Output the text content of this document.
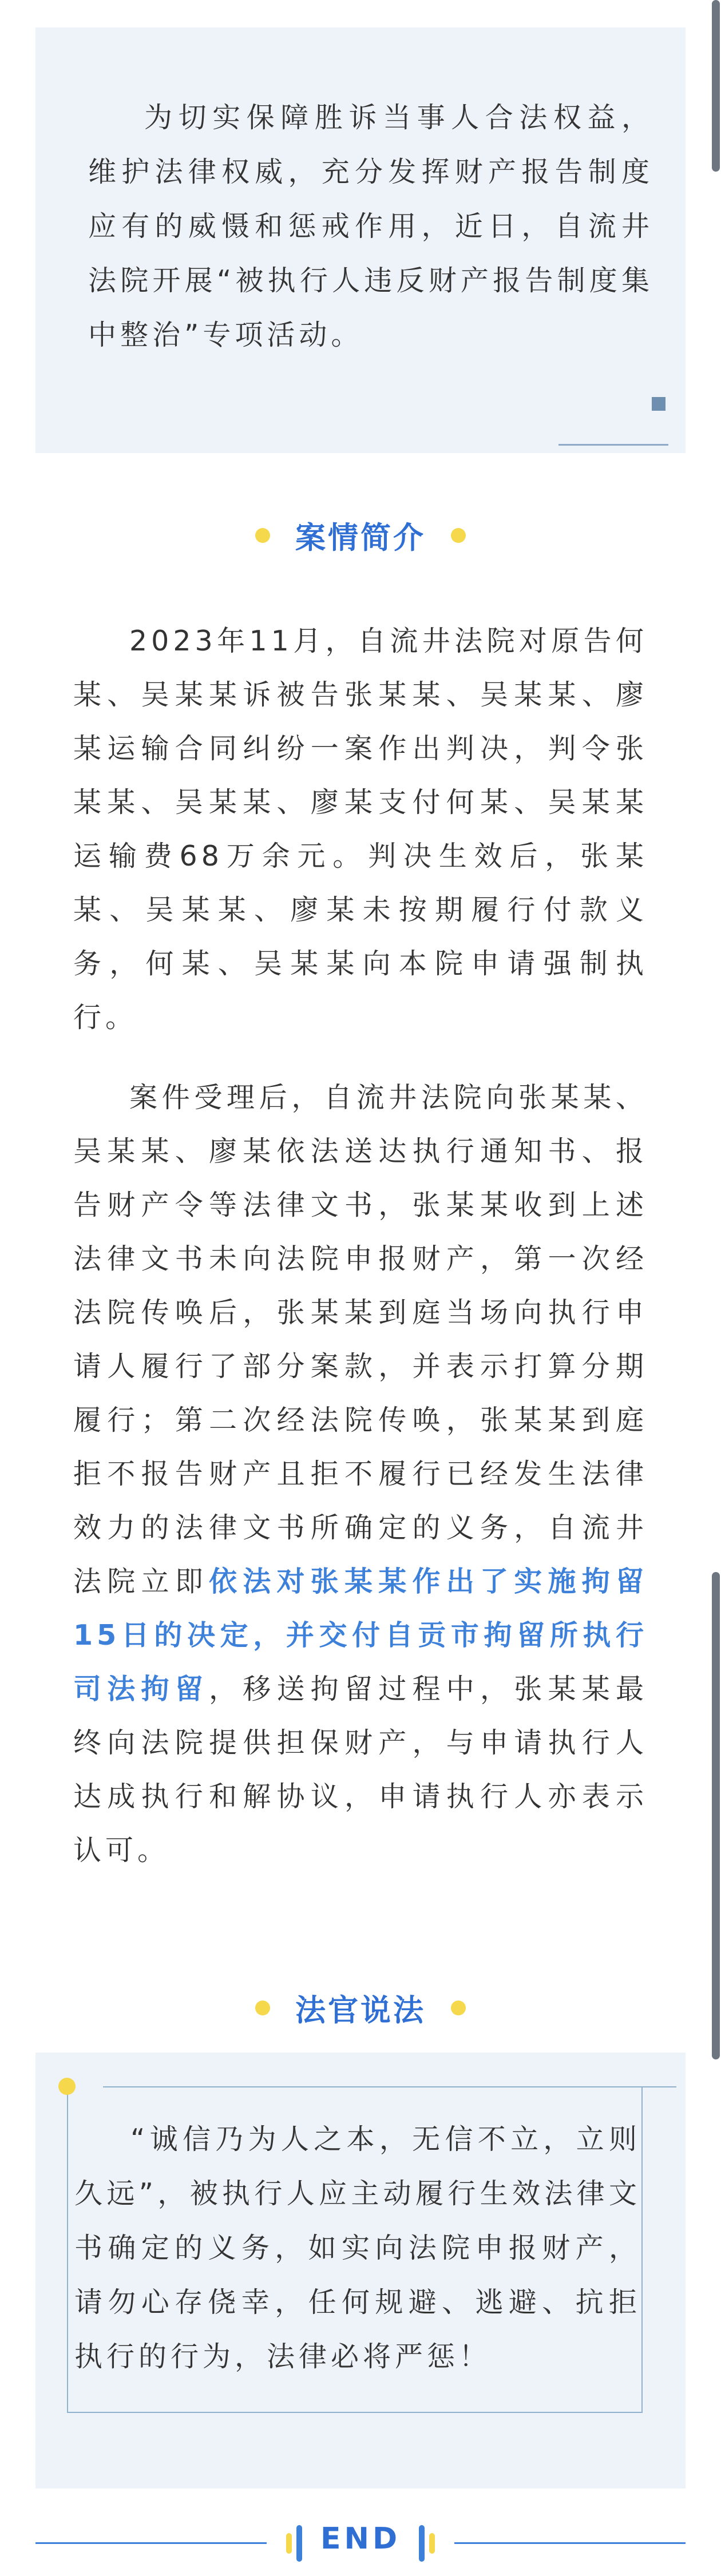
为切实保障胜诉当事人合法权益，维护法律权威，充分发挥财产报告制度应有的威慑和惩戒作用，近日，自流井法院开展“被执行人违反财产报告制度集中整治”专项活动。

案情简介

2023年11月，自流井法院对原告何某、吴某某诉被告张某某、吴某某、廖某运输合同纠纷一案作出判决，判令张某某、吴某某、廖某支付何某、吴某某运输费68万余元。判决生效后，张某某、吴某某、廖某未按期履行付款义务，何某、吴某某向本院申请强制执行。

案件受理后，自流井法院向张某某、吴某某、廖某依法送达执行通知书、报告财产令等法律文书，张某某收到上述法律文书未向法院申报财产，第一次经法院传唤后，张某某到庭当场向执行申请人履行了部分案款，并表示打算分期履行；第二次经法院传唤，张某某到庭拒不报告财产且拒不履行已经发生法律效力的法律文书所确定的义务，自流井法院立即依法对张某某作出了实施拘留15日的决定，并交付自贡市拘留所执行司法拘留，移送拘留过程中，张某某最终向法院提供担保财产，与申请执行人达成执行和解协议，申请执行人亦表示认可。

法官说法

“诚信乃为人之本，无信不立，立则久远”，被执行人应主动履行生效法律文书确定的义务，如实向法院申报财产，请勿心存侥幸，任何规避、逃避、抗拒执行的行为，法律必将严惩！

END
